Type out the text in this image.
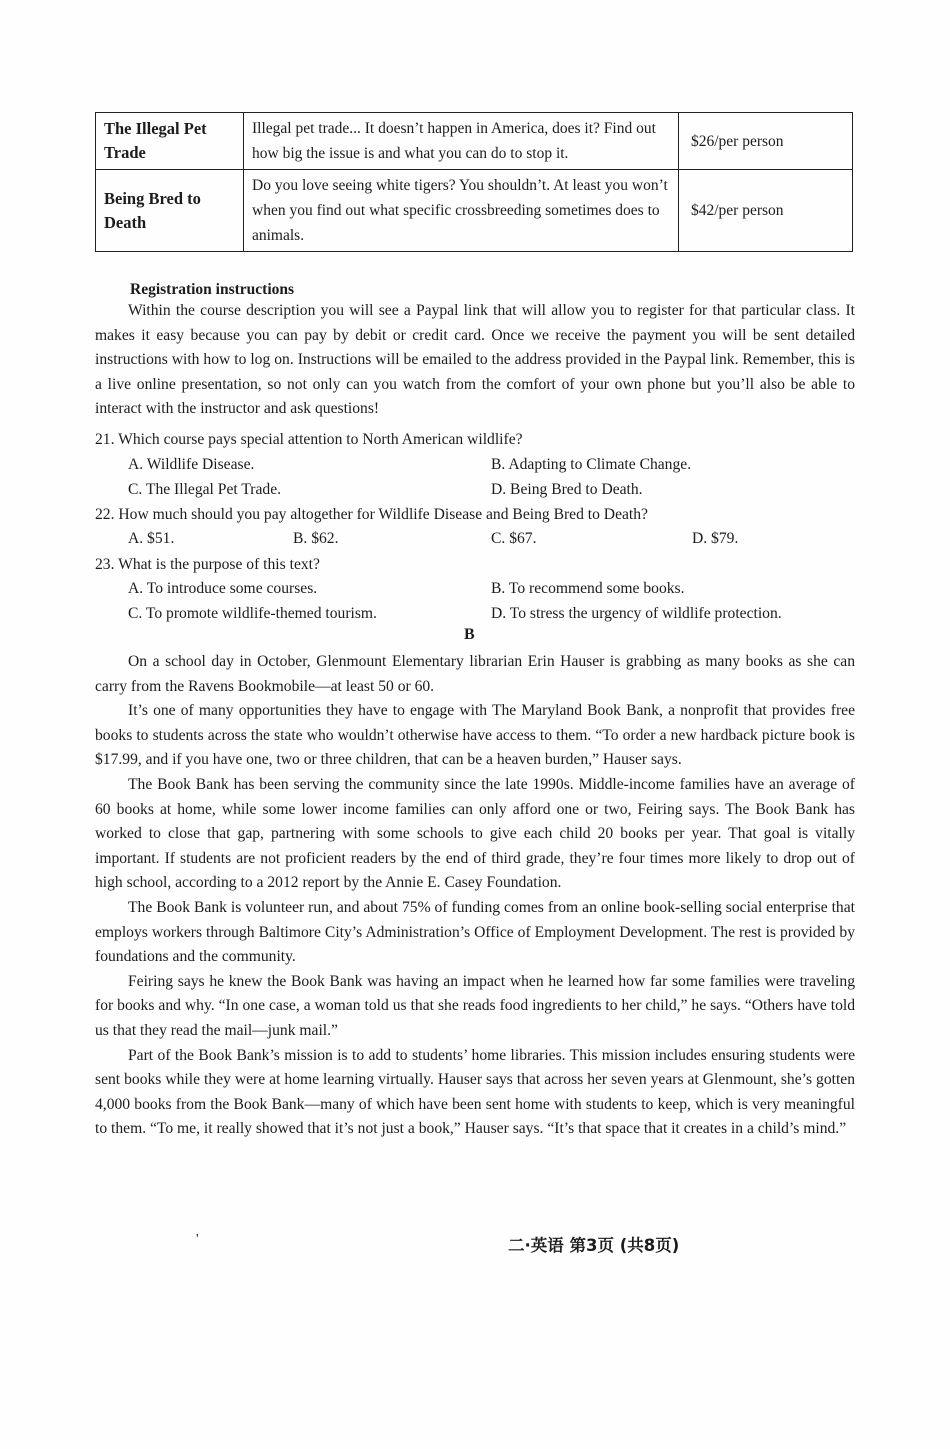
The Illegal Pet Trade	Illegal pet trade... It doesn’t happen in America, does it? Find out how big the issue is and what you can do to stop it.	$26/per person
Being Bred to Death	Do you love seeing white tigers? You shouldn’t. At least you won’t when you find out what specific crossbreeding sometimes does to animals.	$42/per person
Registration instructions

Within the course description you will see a Paypal link that will allow you to register for that particular class. It makes it easy because you can pay by debit or credit card. Once we receive the payment you will be sent detailed instructions with how to log on. Instructions will be emailed to the address provided in the Paypal link. Remember, this is a live online presentation, so not only can you watch from the comfort of your own phone but you’ll also be able to interact with the instructor and ask questions!

21. Which course pays special attention to North American wildlife?
A. Wildlife Disease.	B. Adapting to Climate Change.
C. The Illegal Pet Trade.	D. Being Bred to Death.
22. How much should you pay altogether for Wildlife Disease and Being Bred to Death?
A. $51.	B. $62.	C. $67.	D. $79.
23. What is the purpose of this text?
A. To introduce some courses.	B. To recommend some books.
C. To promote wildlife-themed tourism.	D. To stress the urgency of wildlife protection.
B

On a school day in October, Glenmount Elementary librarian Erin Hauser is grabbing as many books as she can carry from the Ravens Bookmobile—at least 50 or 60.

It’s one of many opportunities they have to engage with The Maryland Book Bank, a nonprofit that provides free books to students across the state who wouldn’t otherwise have access to them. “To order a new hardback picture book is $17.99, and if you have one, two or three children, that can be a heaven burden,” Hauser says.

The Book Bank has been serving the community since the late 1990s. Middle-income families have an average of 60 books at home, while some lower income families can only afford one or two, Feiring says. The Book Bank has worked to close that gap, partnering with some schools to give each child 20 books per year. That goal is vitally important. If students are not proficient readers by the end of third grade, they’re four times more likely to drop out of high school, according to a 2012 report by the Annie E. Casey Foundation.

The Book Bank is volunteer run, and about 75% of funding comes from an online book-selling social enterprise that employs workers through Baltimore City’s Administration’s Office of Employment Development. The rest is provided by foundations and the community.

Feiring says he knew the Book Bank was having an impact when he learned how far some families were traveling for books and why. “In one case, a woman told us that she reads food ingredients to her child,” he says. “Others have told us that they read the mail—junk mail.”

Part of the Book Bank’s mission is to add to students’ home libraries. This mission includes ensuring students were sent books while they were at home learning virtually. Hauser says that across her seven years at Glenmount, she’s gotten 4,000 books from the Book Bank—many of which have been sent home with students to keep, which is very meaningful to them. “To me, it really showed that it’s not just a book,” Hauser says. “It’s that space that it creates in a child’s mind.”

'	二·英语 第3页 (共8页)
